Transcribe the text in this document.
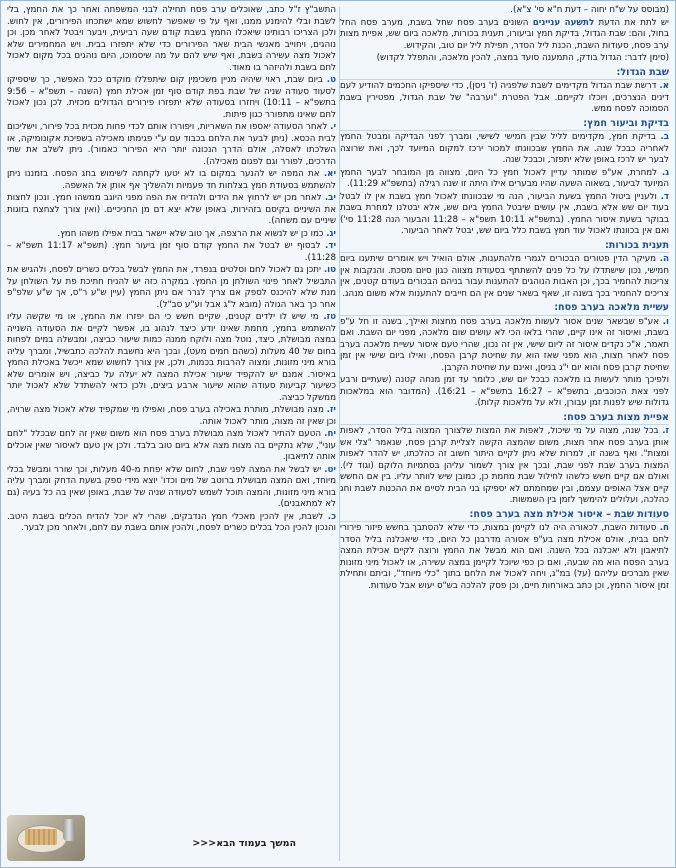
(מבוסס על ש"ח יחוה – דעת ח"א סי' צ"א).

יש לתת את הדעת לתשעה עניינים השונים בערב פסח שחל בשבת, מערב פסח החל בחול, והם: שבת הגדול, בדיקת חמץ וביעורו, תענית בכורות, מלאכה ביום שש, אפיית מצות ערב פסח, סעודות השבת, הכנת ליל הסדר, תפילת ליל יום טוב, והקידוש.

(סימן לדבר: הגדול בודק, התמענה סועד במצה, להכין מלאכה, והתפלל לקדוש)

שבת הגדול:

א. דרשת שבת הגדול מקדימים לשבת שלפניה (ז' ניסן), כדי שיספיקו החכמים להודיע לעם דינים הנצרכים, ויוכלו לקיימם. אבל הפטרת "וערבה" של שבת הגדול, מפטירין בשבת הסמוכה לפסח ממש.

בדיקת וביעור חמץ:

ב. בדיקת חמץ, מקדימים לליל שבין חמישי לשישי, ומברך לפני הבדיקה ומבטל החמץ לאחריה כבכל שנה. את החמץ שבכוונתו למכור ירכז למקום המיועד לכך, ואת שרוצה לבער יש לרכז באופן שלא יתפזר, וכבכל שנה.

ג. למחרת, אע"פ שמותר עדיין לאכול חמץ כל היום, מצווה מן המובחר לבער החמץ המיועד לביעור, בשאוה השעה שהיו מבערים אילו היתה זו שנה רגילה (בתשפ"א 11:29).

ד. ולעניין ביטול החמץ בשעת הביעור, הנה מי שבכוונתו לאכול חמץ בשבת אין לו לבטל בעוד יום שש אלא בשבת, אין עושים שיבטל החמץ ביום שש, אלא יבטלנו למחרת בשבת בבוקר בשעת איסור החמץ. (בתשפ"א 10:11 תשפ"א – 11:28 והבעור הנה 11:28 סי') ואם אין בכוונתו לאכול עוד חמץ בשבת כלל ביום שש, יבטל לאחר הביעור.

תענית בכורות:

ה. מעיקר הדין פטורים הבכורים לגמרי מלהתענות, אולם הואיל ויש אומרים שיתענו ביום חמישי, נכון שישתדלו על כל פנים להשתתף בסעודת מצווה כגון סיום מסכת. והנקבות אין צריכות להחמיר בכך, וכן האבות הנוהגים להתענות עבור בניהם הבכורים בעודם קטנים, אין צריכים להחמיר בכך בשנה זו, שאף בשאר שנים אין הם חייבים להתענות אלא משום מנהג.

עשיית מלאכה בערב פסח:

ו. אע"פ שבשאר שנים אסור לעשות מלאכה בערב פסח מחצות ואילך, בשנה זו חל ע"פ בשבת, ואיסור זה אינו קיים, שהרי בלאו הכי לא עושים שום מלאכה, מפני יום השבת. ואם תאמר, א"כ נקדים איסור זה ליום שישי, אין זה נכון, שהרי טעם איסור עשיית מלאכה בערב פסח לאחר חצות, הוא מפני שאז הוא עת שחיטת קרבן הפסח, ואילו ביום שישי אין זמן שחיטת קרבן פסח והוא יום י"ג בניסן, ואינם עת שחיטת הקרבן.

ולפיכך מותר לעשות בו מלאכה כבכל יום שש, כלומר עד זמן מנחה קטנה (שעתיים ורבע לפני צאת הכוכבים, בתשפ"א – 16:27 בתשפ"א – 16:21). (המדובר הוא במלאכות גדולות שיש לפנות זמן עבורן, ולא על מלאכות קלות).

אפיית מצות בערב פסח:

ז. בכל שנה, מצוה על מי שיכול, לאפות את המצות שלצורך המצוה בליל הסדר, לאפות אותן בערב פסח אחר חצות, משום שהמצה הקשה לצליית קרבן פסח, שנאמר "צלי אש ומצות". ואף בשנה זו, למרות שלא ניתן לקיים היתור חשוב זה כהלכתו, יש להדר לאפות המצות בערב שבת לפני שבת, ובכך אין צורך לשמור עליהן בסתמיות הלוקם (וגוד לי). ואולם אם קיים חשש כלשהו לחילול שבת מחמת כן, כמובן שיש לוותר עליו. בין אם החשש קיים אצל האופים עצמם, ובין שמחמתם לא יספיקו בני הבית לסיים את ההכנות לשבת וחג כהלכה, ועלולים להימשך לזמן בין השמשות.

סעודות שבת – איסור אכילת מצה בערב פסח:

ח. סעודות השבת, לכאורה היה לנו לקיימן במצות, כדי שלא להסתבך בחשש פיזור פירורי לחם בבית, אולם אכילת מצה בע"פ אסורה מדרבנן כל היום, כדי שיאכלנה בליל הסדר לתיאבון ולא יאכלנה בכל השנה. ואם הוא מבשל את החמץ ורוצה לקיים אכילת המצה בערב הפסח הוא מה שבעה, ואם כן כפי שיוכל לקיימן במצה עשירה, או לאכול מיני מזונות שאין מברכים עליהם (על) במ"ג, ויחה לאכול את הלחם בתוך "כלי מיוחד", וביתם ותחילת זמן איסור החמץ, וכן כתב באורחות חיים, וכן פסק להלכה בש"ס יעוש אבל סעודות.

התשב"ץ ז"ל כתב, שאוכלים ערב פסח תחילה לבני המשפחה ואחר כך את החמץ, בלי לשבת ובלי להימנע ממנו, ואף על פי שאפשר לחשוש שמא ישתכחו הפירורים, אין לחוש. ולכן הצריכו רבותינו שיאכלו החמץ בשבת קודם שעה רביעית, ויבער ויבטל לאחר מכן. וכן נוהגים, ויחוייב מאנשי הבית שאר הפירורים כדי שלא יתפזרו בבית. ויש המחמירים שלא לאכול מצה עשירה בשבת, ואף שיש להם על מה שיסמוכו, היום נוהגים בכל מקום לאכול לחם בשבת ולהיזהר בו מאוד.

ט. ביום שבת, ראוי שיהיה מניין משכימין קום שיתפללו מוקדם ככל האפשר, כך שיספיקו לסעוד סעודה שניה של שבת בפת קודם סוף זמן אכילת חמץ (השנה – תשפ"א – 9:56 בתשפ"א – 10:11) ויחזרו בסעודה שלא יתפזרו פירורים הגדולים מכזית. לכן נכון לאכול לחם שאינו מתפורר כגון פיתות.

י. לאחר הסעודה יאספו את השאריות, ויפוררו אותם לכדי פחות מכזית בכל פירור, וישליכום לבית הכסא. (ניתן לבער את הלחם בכבוד עם ע"י פגימתו מאכילה בשפיכת אקונומיקה, או השלכתו לאסלה, אולם הדרך הנכונה יותר היא הפירור כאמור). ניתן לשלב את שתי הדרכים, לפורר וגם לפגום מאכילה).

יא. את המפה יש להנער במקום בו לא יטעו לקחתה לשימוש בחג הפסח. בזמננו ניתן להשתמש בסעודת חמץ בצלחות חד פעמיות ולהשליך אף אותן אל האשפה.

יב. לאחר מכן יש לרחוץ את הידים ולהדיח את הפה מפני היוגב ממשהו חמץ. ונכון לחצות את השיניים בקיסם בזהירות, באופן שלא יצא דם מן החניכיים. (ואין צורך לצחצח בזוגות שיניים עם משחה).

יג. כמו כן יש לנשוא את הרצפה, אך טוב שלא יישאר בבית אפילו משהו חמץ.

יד. לבסוף יש לבטל את החמץ קודם סוף זמן ביעור חמץ. (תשפ"א 11:17 תשפ"א – 11:28).

טו. יתכן גם לאכול לחם וסלטים בנפרד, את החמץ לבשל בכלים כשרים לפסח, ולהגיש את התבשיל לאחר פינוי השולחן מן החמץ. במקרה כזה יש להניח חתיכת פת על השולחן על מנת שלא להיכנס לספק אם צריך לגרר אם ניתן החמץ (עיין ש"ע ר"ס, אך ש"ע שלפ"פ אחר כך באר הגולה (מובא ל"ג אבל וע"ע סב"ל).

טז. מי שיש לו ילדים קטנים, שקיים חשש כי הם יפזרו את החמץ, או מי שקשה עליו להשתמש בחמץ, מחמת שאינו יודע כיצד לנהוג בו, אפשר לקיים את הסעודה השנייה במצה מבושלת, כיצד, נוטל מצה ולוקח ממנה כמות שיעור כביצה, ומבשלה במים לפחות בחום של 40 מעלות (כשהם חמים מעט), ובכך היא נחשבת להלכה כתבשיל, ומברך עליה בורא מיני מזונות, ומצוה להרבות בכמות, ולכן, אין צורך לחשוש שמא ייכשל באכילת החמץ באיסור. אמנם יש להקפיד שיעור אכילת המצה לא יעלה על כביצה, ויש אומרים שלא כשיעור קביעות סעודה שהוא שיעור ארבע ביצים, ולכן כדאי להשתדל שלא לאכול יותר ממשקל כביצה.

יז. מצה מבושלת, מותרת באכילה בערב פסח, ואפילו מי שמקפיד שלא לאכול מצה שרויה, וכן שאין זה מצוה, מותר לאכול אותה.

יח. הטעם להתיר לאכול מצה מבושלת בערב פסח הוא משום שאין זה לחם שבכלל "לחם עוני", שלא נתקיים בה מצות מצה אלא ביום טוב בלבד. ולכן אין טעם לאיסור שאין אוכלים אותה לתיאבון.

יט. יש לבשל את המצה לפני שבת, לחום שלא יפחת מ-40 מעלות, וכך שורר ומבשל בכלי מיוחד, ואם המצה מבושלת ברוטב של מים וכדו' יוצא מידי ספק בשעת הדחק ומברך עליה בורא מיני מזונות, והמצה תוכל לשמש לסעודה שניה של שבת, באופן שאין בה כל בעיה (גם לא למתאבנים).

כ. לשבת, אין להכין מאכלי חמץ הנדבקים, שהרי לא יוכל להדיח הכלים בשבת היטב. והנכון להכין הכל בכלים כשרים לפסח, ולהכין אותם בשבת עם לחם, ולאחר מכן לבער.

המשך בעמוד הבא<<<
